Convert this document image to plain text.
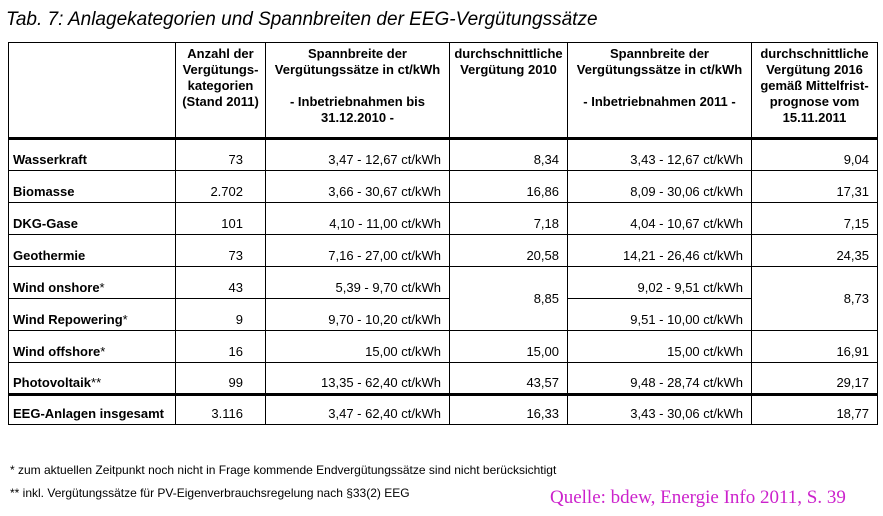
Tab. 7: Anlagekategorien und Spannbreiten der EEG-Vergütungssätze
	Anzahl der
Vergütungs-
kategorien
(Stand 2011)	Spannbreite der
Vergütungssätze in ct/kWh

- Inbetriebnahmen bis
31.12.2010 -	durchschnittliche
Vergütung 2010	Spannbreite der
Vergütungssätze in ct/kWh

- Inbetriebnahmen 2011 -	durchschnittliche
Vergütung 2016
gemäß Mittelfrist-
prognose vom
15.11.2011
Wasserkraft	73	3,47 - 12,67 ct/kWh	8,34	3,43 - 12,67 ct/kWh	9,04
Biomasse	2.702	3,66 - 30,67 ct/kWh	16,86	8,09 - 30,06 ct/kWh	17,31
DKG-Gase	101	4,10 - 11,00 ct/kWh	7,18	4,04 - 10,67 ct/kWh	7,15
Geothermie	73	7,16 - 27,00 ct/kWh	20,58	14,21 - 26,46 ct/kWh	24,35
Wind onshore*	43	5,39 - 9,70 ct/kWh	8,85	9,02 - 9,51 ct/kWh	8,73
Wind Repowering*	9	9,70 - 10,20 ct/kWh		9,51 - 10,00 ct/kWh	
Wind offshore*	16	15,00 ct/kWh	15,00	15,00 ct/kWh	16,91
Photovoltaik**	99	13,35 - 62,40 ct/kWh	43,57	9,48 - 28,74 ct/kWh	29,17
EEG-Anlagen insgesamt	3.116	3,47 - 62,40 ct/kWh	16,33	3,43 - 30,06 ct/kWh	18,77
* zum aktuellen Zeitpunkt noch nicht in Frage kommende Endvergütungssätze sind nicht berücksichtigt
** inkl. Vergütungssätze für PV-Eigenverbrauchsregelung nach §33(2) EEG	Quelle: bdew, Energie Info 2011, S. 39
